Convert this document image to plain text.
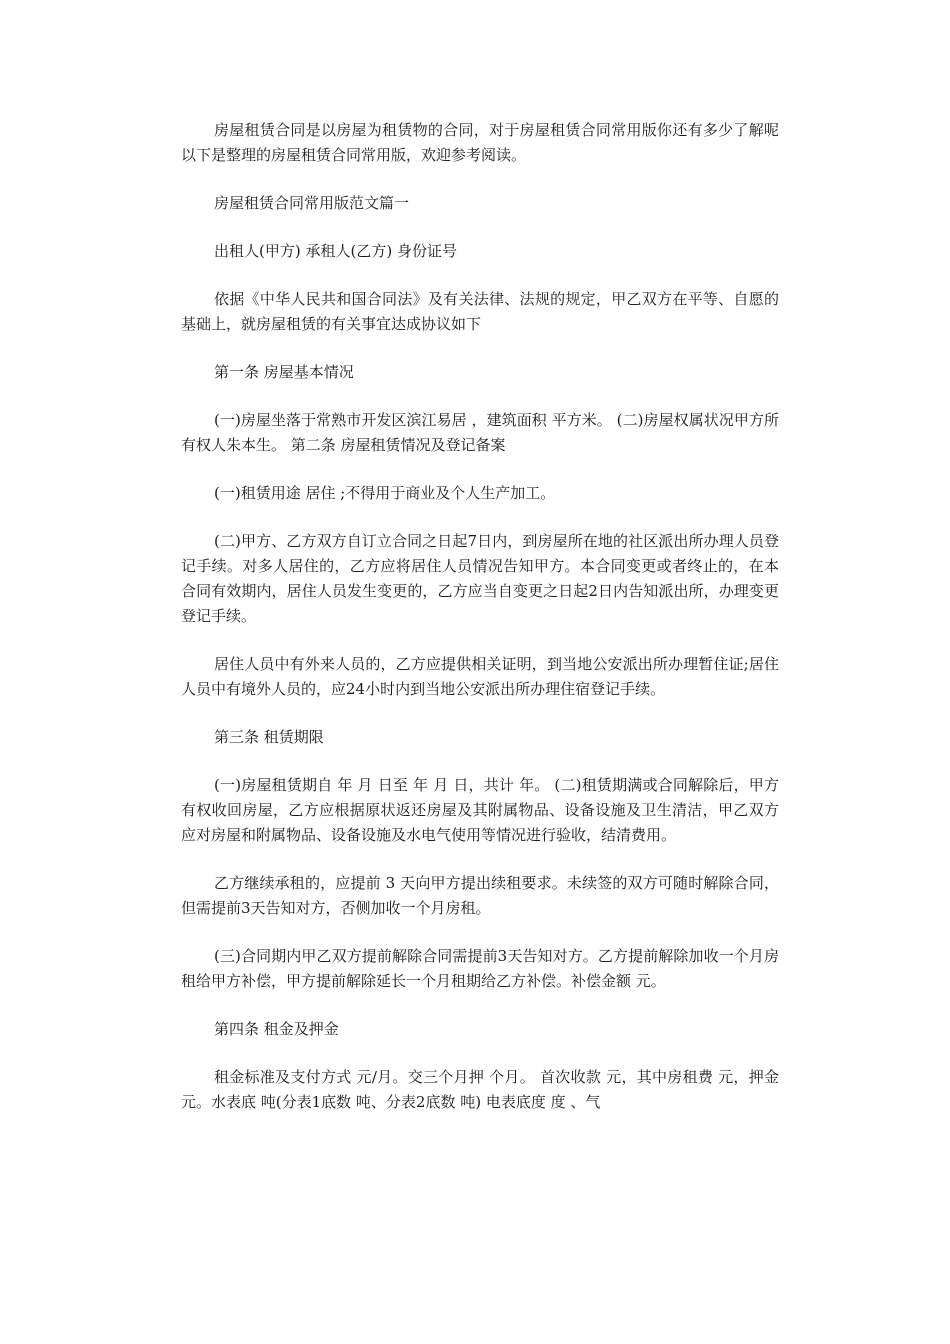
房屋租赁合同是以房屋为租赁物的合同，对于房屋租赁合同常用版你还有多少了解呢以下是整理的房屋租赁合同常用版，欢迎参考阅读。

房屋租赁合同常用版范文篇一

出租人(甲方) 承租人(乙方) 身份证号

依据《中华人民共和国合同法》及有关法律、法规的规定，甲乙双方在平等、自愿的基础上，就房屋租赁的有关事宜达成协议如下

第一条 房屋基本情况

(一)房屋坐落于常熟市开发区滨江易居 ，建筑面积 平方米。 (二)房屋权属状况甲方所有权人朱本生。 第二条 房屋租赁情况及登记备案

(一)租赁用途 居住 ;不得用于商业及个人生产加工。

(二)甲方、乙方双方自订立合同之日起7日内，到房屋所在地的社区派出所办理人员登记手续。对多人居住的，乙方应将居住人员情况告知甲方。本合同变更或者终止的，在本合同有效期内，居住人员发生变更的，乙方应当自变更之日起2日内告知派出所，办理变更登记手续。

居住人员中有外来人员的，乙方应提供相关证明，到当地公安派出所办理暂住证;居住人员中有境外人员的，应24小时内到当地公安派出所办理住宿登记手续。

第三条 租赁期限

(一)房屋租赁期自 年 月 日至 年 月 日，共计 年。 (二)租赁期满或合同解除后，甲方有权收回房屋，乙方应根据原状返还房屋及其附属物品、设备设施及卫生清洁，甲乙双方应对房屋和附属物品、设备设施及水电气使用等情况进行验收，结清费用。

乙方继续承租的，应提前 3 天向甲方提出续租要求。未续签的双方可随时解除合同，但需提前3天告知对方，否侧加收一个月房租。

(三)合同期内甲乙双方提前解除合同需提前3天告知对方。乙方提前解除加收一个月房租给甲方补偿，甲方提前解除延长一个月租期给乙方补偿。补偿金额 元。

第四条 租金及押金

租金标准及支付方式 元/月。交三个月押 个月。 首次收款 元，其中房租费 元，押金 元。水表底 吨(分表1底数 吨、分表2底数 吨) 电表底度 度 、气
